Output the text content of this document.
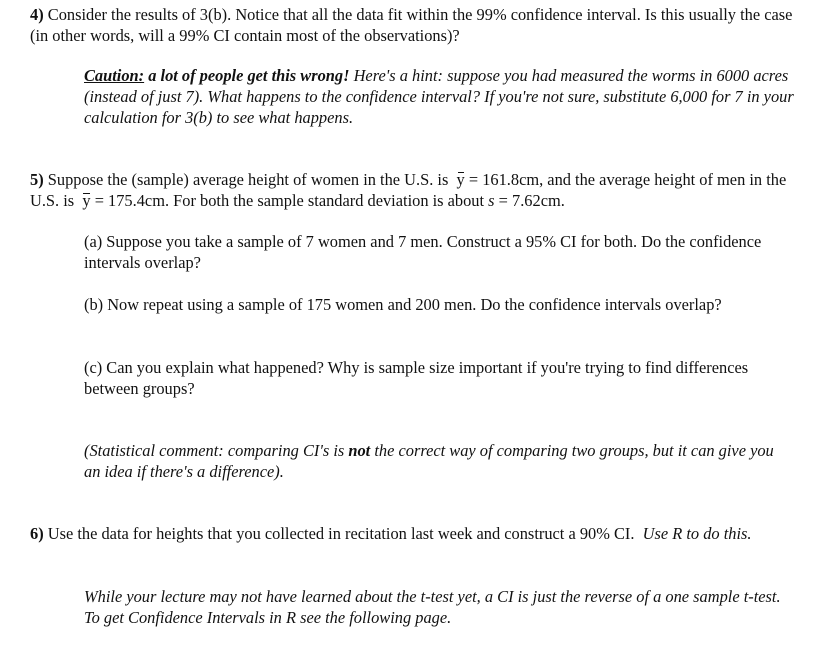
4) Consider the results of 3(b). Notice that all the data fit within the 99% confidence interval. Is this usually the case (in other words, will a 99% CI contain most of the observations)?

Caution: a lot of people get this wrong! Here's a hint: suppose you had measured the worms in 6000 acres (instead of just 7). What happens to the confidence interval? If you're not sure, substitute 6,000 for 7 in your calculation for 3(b) to see what happens.

5) Suppose the (sample) average height of women in the U.S. is y = 161.8cm, and the average height of men in the U.S. is y = 175.4cm. For both the sample standard deviation is about s = 7.62cm.

(a) Suppose you take a sample of 7 women and 7 men. Construct a 95% CI for both. Do the confidence intervals overlap?

(b) Now repeat using a sample of 175 women and 200 men. Do the confidence intervals overlap?

(c) Can you explain what happened? Why is sample size important if you're trying to find differences between groups?

(Statistical comment: comparing CI's is not the correct way of comparing two groups, but it can give you an idea if there's a difference).

6) Use the data for heights that you collected in recitation last week and construct a 90% CI. Use R to do this.

While your lecture may not have learned about the t-test yet, a CI is just the reverse of a one sample t-test. To get Confidence Intervals in R see the following page.
